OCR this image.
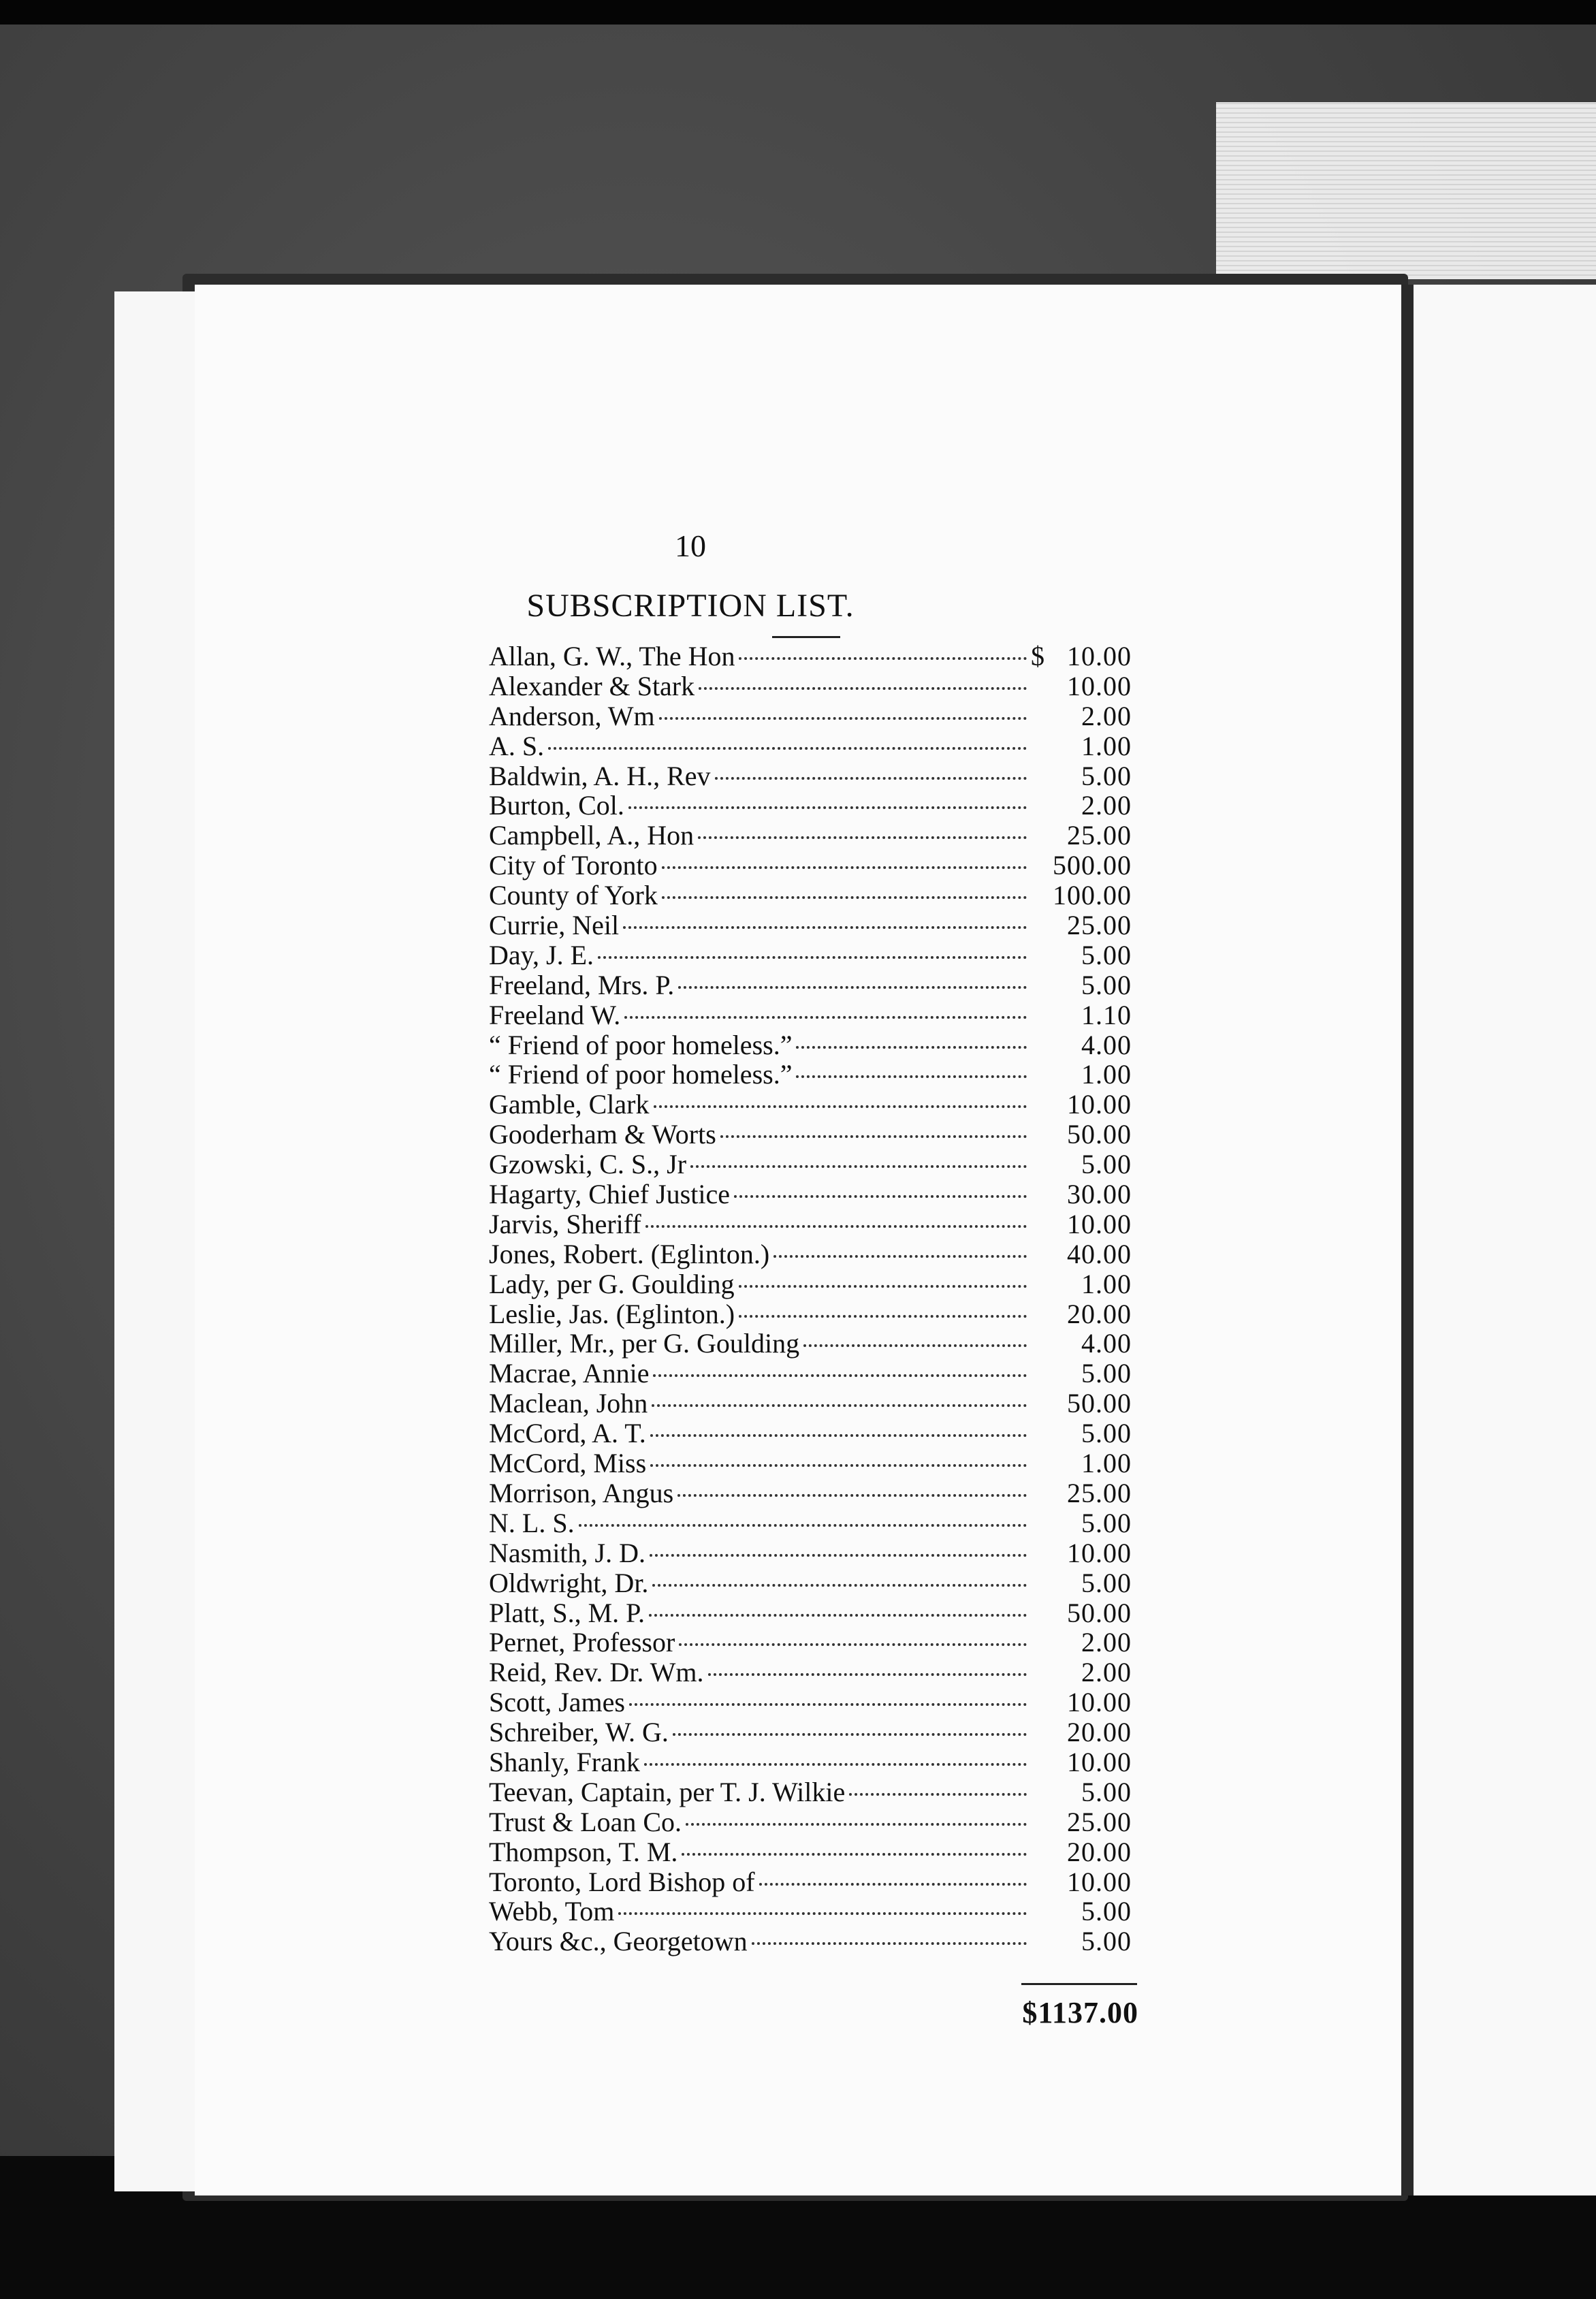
10
SUBSCRIPTION LIST.
Allan, G. W., The Hon	$ 10.00
Alexander & Stark	10.00
Anderson, Wm	2.00
A. S.	1.00
Baldwin, A. H., Rev	5.00
Burton, Col.	2.00
Campbell, A., Hon	25.00
City of Toronto	500.00
County of York	100.00
Currie, Neil	25.00
Day, J. E.	5.00
Freeland, Mrs. P.	5.00
Freeland W.	1.10
“ Friend of poor homeless.”	4.00
“ Friend of poor homeless.”	1.00
Gamble, Clark	10.00
Gooderham & Worts	50.00
Gzowski, C. S., Jr	5.00
Hagarty, Chief Justice	30.00
Jarvis, Sheriff	10.00
Jones, Robert. (Eglinton.)	40.00
Lady, per G. Goulding	1.00
Leslie, Jas. (Eglinton.)	20.00
Miller, Mr., per G. Goulding	4.00
Macrae, Annie	5.00
Maclean, John	50.00
McCord, A. T.	5.00
McCord, Miss	1.00
Morrison, Angus	25.00
N. L. S.	5.00
Nasmith, J. D.	10.00
Oldwright, Dr.	5.00
Platt, S., M. P.	50.00
Pernet, Professor	2.00
Reid, Rev. Dr. Wm.	2.00
Scott, James	10.00
Schreiber, W. G.	20.00
Shanly, Frank	10.00
Teevan, Captain, per T. J. Wilkie	5.00
Trust & Loan Co.	25.00
Thompson, T. M.	20.00
Toronto, Lord Bishop of	10.00
Webb, Tom	5.00
Yours &c., Georgetown	5.00
$1137.00
